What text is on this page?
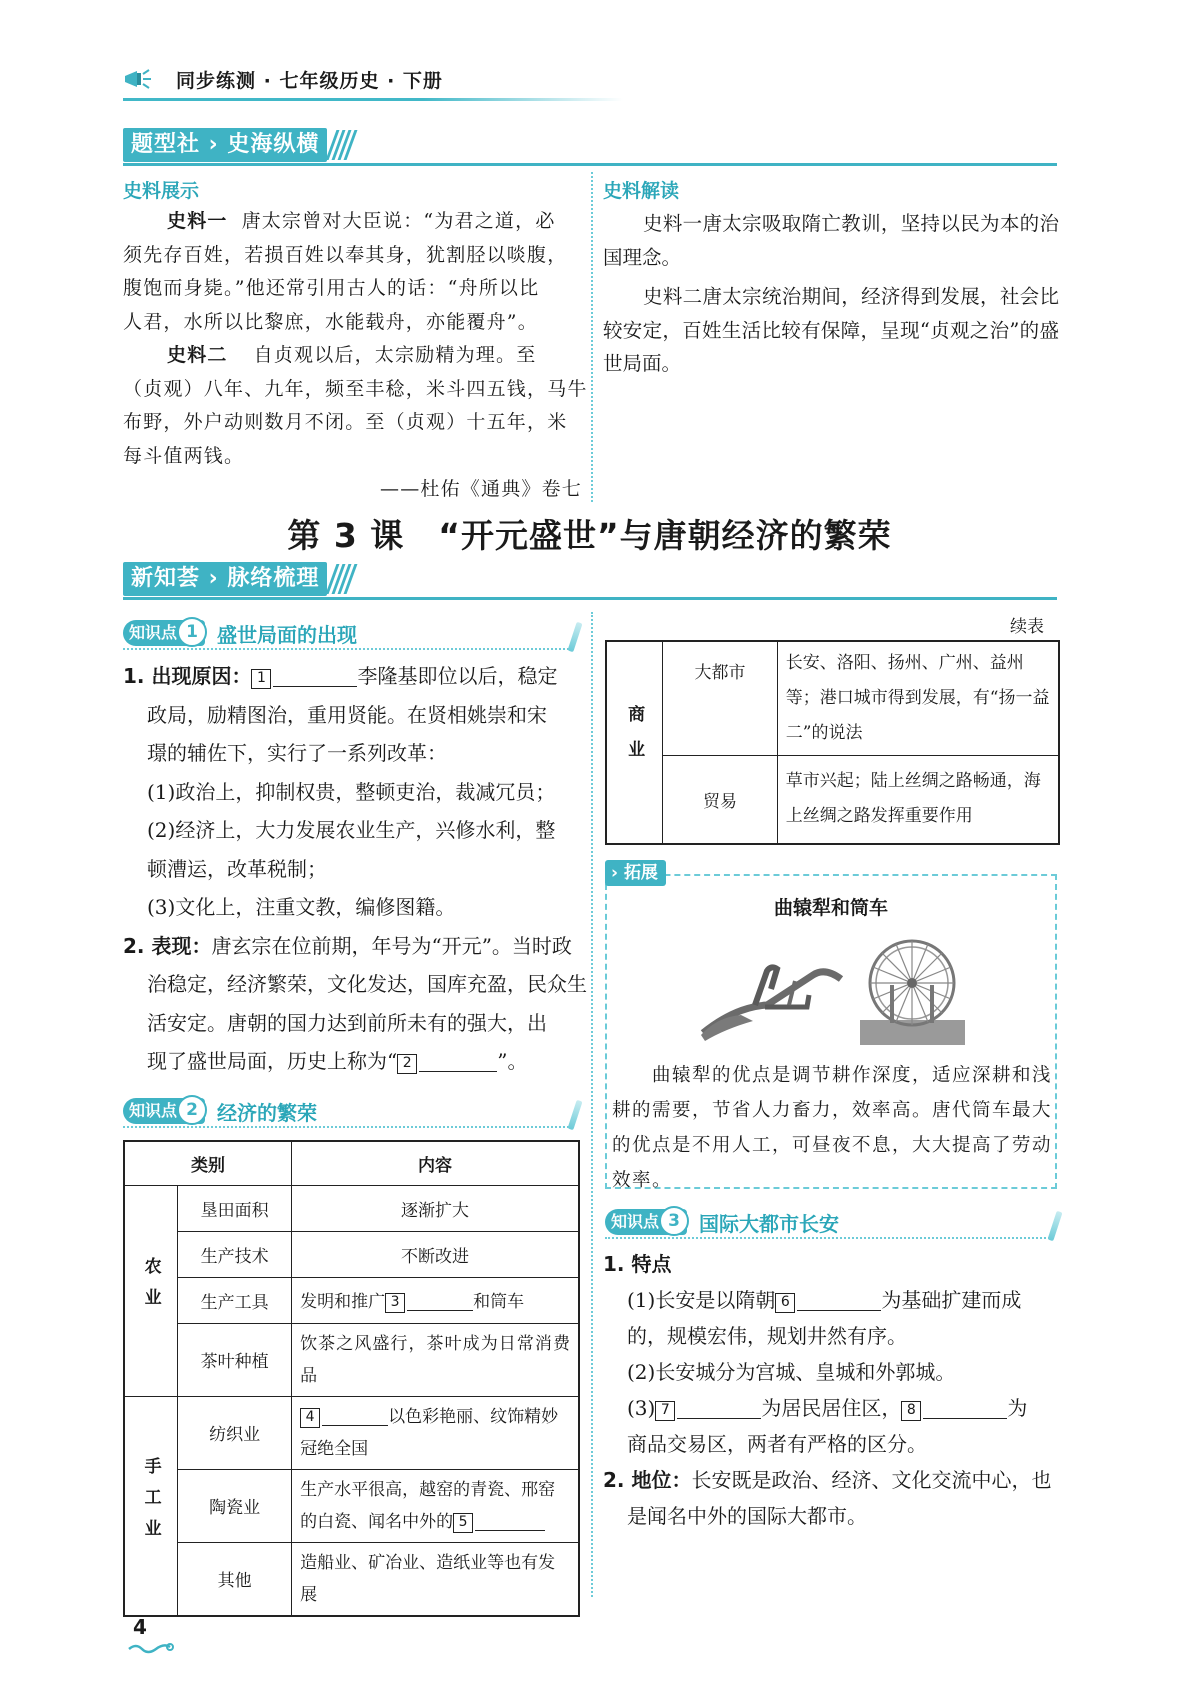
同步练测 · 七年级历史 · 下册
题型社 › 史海纵横
史料展示
史料一 唐太宗曾对大臣说：“为君之道，必
须先存百姓，若损百姓以奉其身，犹割胫以啖腹，
腹饱而身毙。”他还常引用古人的话：“舟所以比
人君，水所以比黎庶，水能载舟，亦能覆舟”。
史料二 自贞观以后，太宗励精为理。至
（贞观）八年、九年，频至丰稔，米斗四五钱，马牛
布野，外户动则数月不闭。至（贞观）十五年，米
每斗值两钱。
——杜佑《通典》卷七
史料解读
史料一唐太宗吸取隋亡教训，坚持以民为本的治国理念。
史料二唐太宗统治期间，经济得到发展，社会比较安定，百姓生活比较有保障，呈现“贞观之治”的盛世局面。
第 3 课　“开元盛世”与唐朝经济的繁荣
新知荟 › 脉络梳理
知识点 1 盛世局面的出现
1. 出现原因： 1	李隆基即位以后，稳定
政局，励精图治，重用贤能。在贤相姚崇和宋
璟的辅佐下，实行了一系列改革：
(1)政治上，抑制权贵，整顿吏治，裁减冗员；
(2)经济上，大力发展农业生产，兴修水利，整
顿漕运，改革税制；
(3)文化上，注重文教，编修图籍。
2. 表现：唐玄宗在位前期，年号为“开元”。当时政
治稳定，经济繁荣，文化发达，国库充盈，民众生
活安定。唐朝的国力达到前所未有的强大，出
现了盛世局面，历史上称为“ 2	”。
知识点 2 经济的繁荣
类别		内容
农业	垦田面积	逐渐扩大
	生产技术	不断改进
	生产工具	发明和推广 3 和筒车
	茶叶种植	饮茶之风盛行，茶叶成为日常消费品
手工业	纺织业	4 以色彩艳丽、纹饰精妙冠绝全国
	陶瓷业	生产水平很高，越窑的青瓷、邢窑的白瓷、闻名中外的 5
	其他	造船业、矿冶业、造纸业等也有发展
续表
商业	大都市	长安、洛阳、扬州、广州、益州等；港口城市得到发展，有“扬一益二”的说法
	贸易	草市兴起；陆上丝绸之路畅通，海上丝绸之路发挥重要作用
› 拓展
曲辕犁和筒车
曲辕犁的优点是调节耕作深度，适应深耕和浅耕的需要，节省人力畜力，效率高。唐代筒车最大的优点是不用人工，可昼夜不息，大大提高了劳动效率。
知识点 3 国际大都市长安
1. 特点
(1)长安是以隋朝 6	为基础扩建而成
的，规模宏伟，规划井然有序。
(2)长安城分为宫城、皇城和外郭城。
(3) 7	为居民居住区， 8	为
商品交易区，两者有严格的区分。
2. 地位：长安既是政治、经济、文化交流中心，也
是闻名中外的国际大都市。
4
